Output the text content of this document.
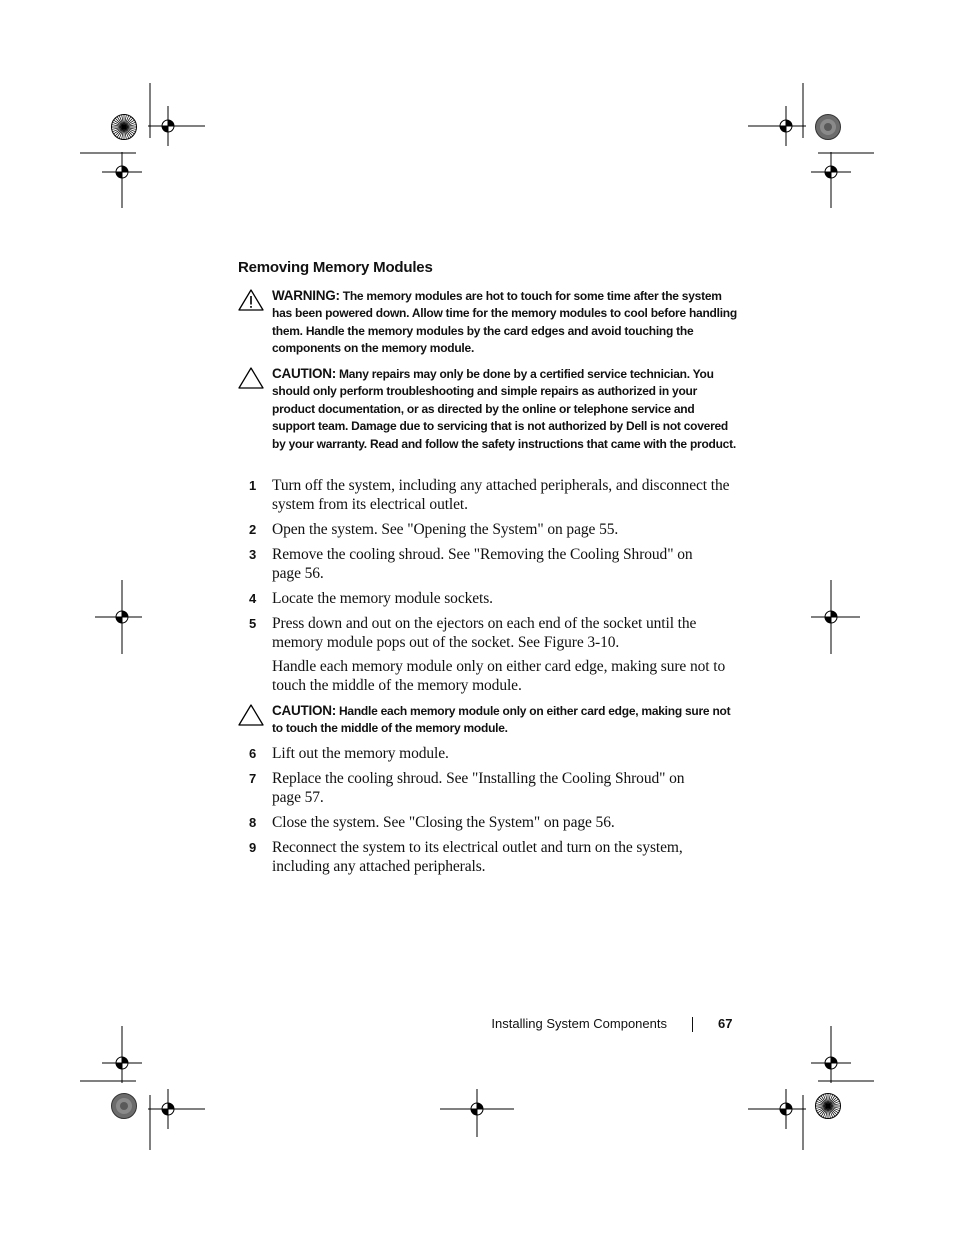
Removing Memory Modules
WARNING: The memory modules are hot to touch for some time after the system has been powered down. Allow time for the memory modules to cool before handling them. Handle the memory modules by the card edges and avoid touching the components on the memory module.
CAUTION: Many repairs may only be done by a certified service technician. You should only perform troubleshooting and simple repairs as authorized in your product documentation, or as directed by the online or telephone service and support team. Damage due to servicing that is not authorized by Dell is not covered by your warranty. Read and follow the safety instructions that came with the product.
1 Turn off the system, including any attached peripherals, and disconnect the system from its electrical outlet.
2 Open the system. See "Opening the System" on page 55.
3 Remove the cooling shroud. See "Removing the Cooling Shroud" on page 56.
4 Locate the memory module sockets.
5 Press down and out on the ejectors on each end of the socket until the memory module pops out of the socket. See Figure 3-10.
Handle each memory module only on either card edge, making sure not to touch the middle of the memory module.
CAUTION: Handle each memory module only on either card edge, making sure not to touch the middle of the memory module.
6 Lift out the memory module.
7 Replace the cooling shroud. See "Installing the Cooling Shroud" on page 57.
8 Close the system. See "Closing the System" on page 56.
9 Reconnect the system to its electrical outlet and turn on the system, including any attached peripherals.
Installing System Components	67
